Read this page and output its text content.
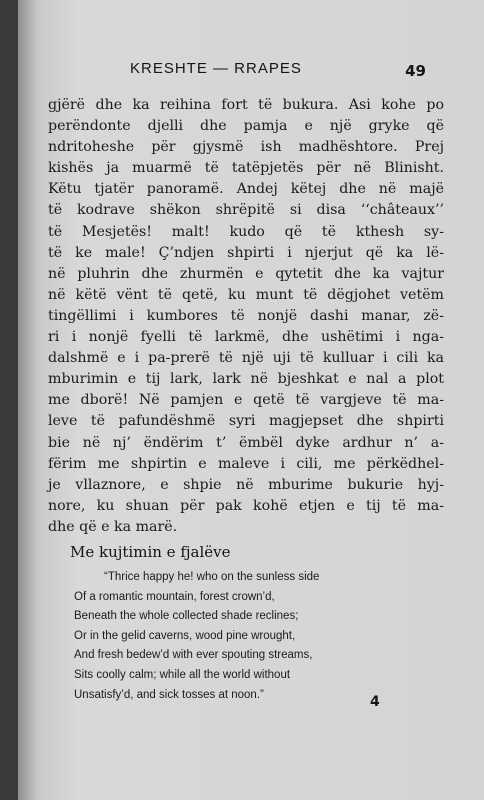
KRESHTE — RRAPES	49
gjërë dhe ka reihina fort të bukura. Asi kohe po
perëndonte djelli dhe pamja e një gryke që
ndritoheshe për gjysmë ish madhështore. Prej
kishës ja muarmë të tatëpjetës për në Blinisht.
Këtu tjatër panoramë. Andej këtej dhe në majë
të kodrave shëkon shrëpitë si disa ‘‘châteaux’’
të Mesjetës! malt! kudo që të kthesh sy-
të ke male! Ç’ndjen shpirti i njerjut që ka lë-
në pluhrin dhe zhurmën e qytetit dhe ka vajtur
në këtë vënt të qetë, ku munt të dëgjohet vetëm
tingëllimi i kumbores të nonjë dashi manar, zë-
ri i nonjë fyelli të larkmë, dhe ushëtimi i nga-
dalshmë e i pa-prerë të një uji të kulluar i cili ka
mburimin e tij lark, lark në bjeshkat e nal a plot
me dborë! Në pamjen e qetë të vargjeve të ma-
leve të pafundëshmë syri magjepset dhe shpirti
bie në nj’ ëndërim t’ ëmbël dyke ardhur n’ a-
fërim me shpirtin e maleve i cili, me përkëdhel-
je vllaznore, e shpie në mburime bukurie hyj-
nore, ku shuan për pak kohë etjen e tij të ma-
dhe që e ka marë.
Me kujtimin e fjalëve
“Thrice happy he! who on the sunless side
Of a romantic mountain, forest crown’d,
Beneath the whole collected shade reclines;
Or in the gelid caverns, wood pine wrought,
And fresh bedew’d with ever spouting streams,
Sits coolly calm; while all the world without
Unsatisfy’d, and sick tosses at noon.”	4
